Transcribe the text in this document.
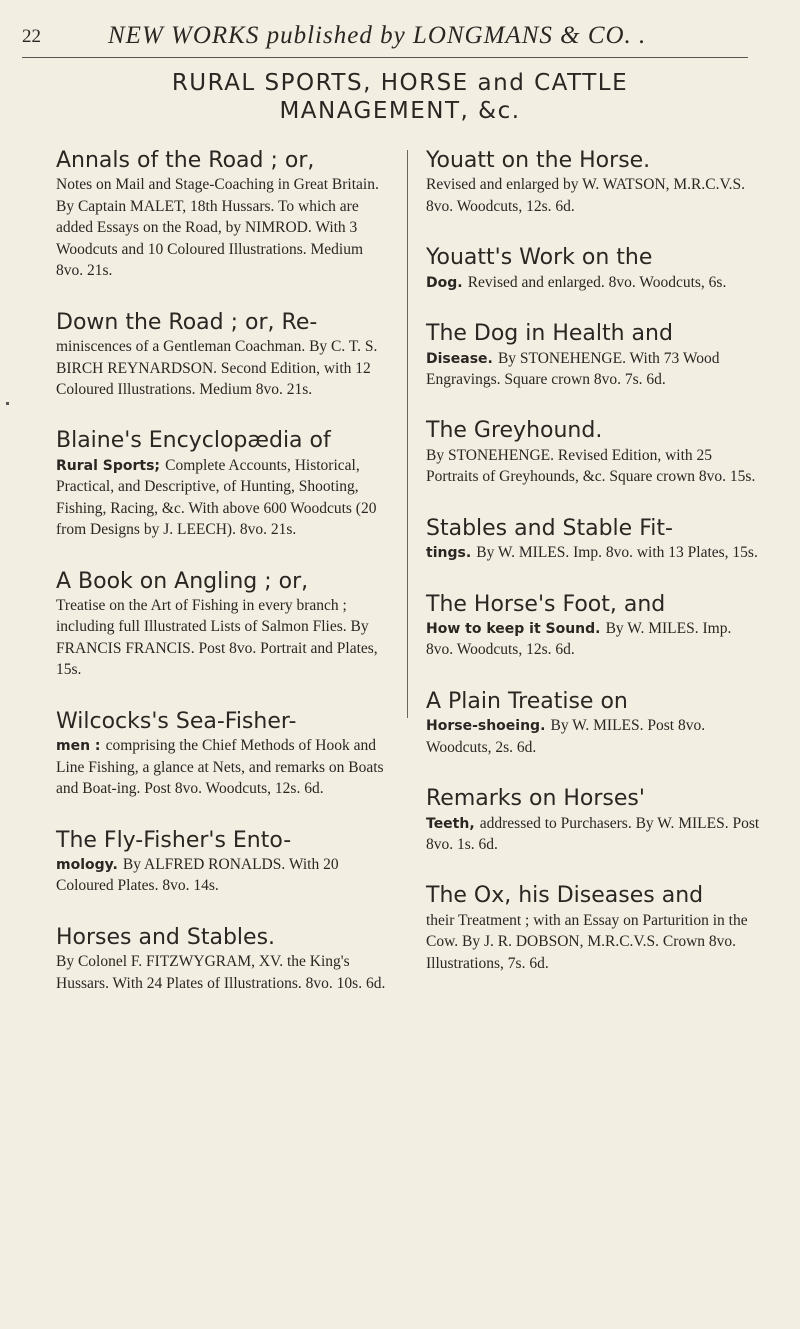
22	NEW WORKS published by LONGMANS & CO. .
RURAL SPORTS, HORSE and CATTLE
MANAGEMENT, &c.
Annals of the Road ; or,

Notes on Mail and Stage-Coaching in Great Britain. By Captain MALET, 18th Hussars. To which are added Essays on the Road, by NIMROD. With 3 Woodcuts and 10 Coloured Illustrations. Medium 8vo. 21s.

Down the Road ; or, Re-

miniscences of a Gentleman Coachman. By C. T. S. BIRCH REYNARDSON. Second Edition, with 12 Coloured Illustrations. Medium 8vo. 21s.

Blaine's Encyclopædia of

Rural Sports; Complete Accounts, Historical, Practical, and Descriptive, of Hunting, Shooting, Fishing, Racing, &c. With above 600 Woodcuts (20 from Designs by J. LEECH). 8vo. 21s.

A Book on Angling ; or,

Treatise on the Art of Fishing in every branch ; including full Illustrated Lists of Salmon Flies. By FRANCIS FRANCIS. Post 8vo. Portrait and Plates, 15s.

Wilcocks's Sea-Fisher-

men : comprising the Chief Methods of Hook and Line Fishing, a glance at Nets, and remarks on Boats and Boat-ing. Post 8vo. Woodcuts, 12s. 6d.

The Fly-Fisher's Ento-

mology. By ALFRED RONALDS. With 20 Coloured Plates. 8vo. 14s.

Horses and Stables.

By Colonel F. FITZWYGRAM, XV. the King's Hussars. With 24 Plates of Illustrations. 8vo. 10s. 6d.

Youatt on the Horse.

Revised and enlarged by W. WATSON, M.R.C.V.S. 8vo. Woodcuts, 12s. 6d.

Youatt's Work on the

Dog. Revised and enlarged. 8vo. Woodcuts, 6s.

The Dog in Health and

Disease. By STONEHENGE. With 73 Wood Engravings. Square crown 8vo. 7s. 6d.

The Greyhound.

By STONEHENGE. Revised Edition, with 25 Portraits of Greyhounds, &c. Square crown 8vo. 15s.

Stables and Stable Fit-

tings. By W. MILES. Imp. 8vo. with 13 Plates, 15s.

The Horse's Foot, and

How to keep it Sound. By W. MILES. Imp. 8vo. Woodcuts, 12s. 6d.

A Plain Treatise on

Horse-shoeing. By W. MILES. Post 8vo. Woodcuts, 2s. 6d.

Remarks on Horses'

Teeth, addressed to Purchasers. By W. MILES. Post 8vo. 1s. 6d.

The Ox, his Diseases and

their Treatment ; with an Essay on Parturition in the Cow. By J. R. DOBSON, M.R.C.V.S. Crown 8vo. Illustrations, 7s. 6d.
